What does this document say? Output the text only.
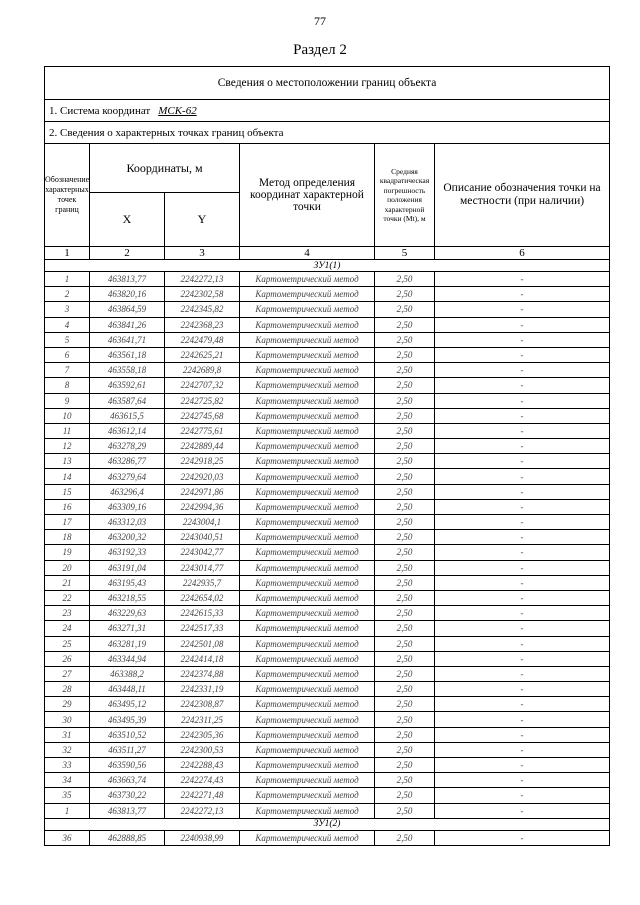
77
Раздел 2
Сведения о местоположении границ объекта					
1. Система координат МСК-62					
2. Сведения о характерных точках границ объекта					
Обозначение характерных точек границ	Координаты, м		Метод определения координат характерной точки	Средняя квадратическая погрешность положения характерной точки (Mt), м	Описание обозначения точки на местности (при наличии)
	X	Y			
1	2	3	4	5	6
ЗУ1(1)					
1	463813,77	2242272,13	Картометрический метод	2,50	-
2	463820,16	2242302,58	Картометрический метод	2,50	-
3	463864,59	2242345,82	Картометрический метод	2,50	-
4	463841,26	2242368,23	Картометрический метод	2,50	-
5	463641,71	2242479,48	Картометрический метод	2,50	-
6	463561,18	2242625,21	Картометрический метод	2,50	-
7	463558,18	2242689,8	Картометрический метод	2,50	-
8	463592,61	2242707,32	Картометрический метод	2,50	-
9	463587,64	2242725,82	Картометрический метод	2,50	-
10	463615,5	2242745,68	Картометрический метод	2,50	-
11	463612,14	2242775,61	Картометрический метод	2,50	-
12	463278,29	2242889,44	Картометрический метод	2,50	-
13	463286,77	2242918,25	Картометрический метод	2,50	-
14	463279,64	2242920,03	Картометрический метод	2,50	-
15	463296,4	2242971,86	Картометрический метод	2,50	-
16	463309,16	2242994,36	Картометрический метод	2,50	-
17	463312,03	2243004,1	Картометрический метод	2,50	-
18	463200,32	2243040,51	Картометрический метод	2,50	-
19	463192,33	2243042,77	Картометрический метод	2,50	-
20	463191,04	2243014,77	Картометрический метод	2,50	-
21	463195,43	2242935,7	Картометрический метод	2,50	-
22	463218,55	2242654,02	Картометрический метод	2,50	-
23	463229,63	2242615,33	Картометрический метод	2,50	-
24	463271,31	2242517,33	Картометрический метод	2,50	-
25	463281,19	2242501,08	Картометрический метод	2,50	-
26	463344,94	2242414,18	Картометрический метод	2,50	-
27	463388,2	2242374,88	Картометрический метод	2,50	-
28	463448,11	2242331,19	Картометрический метод	2,50	-
29	463495,12	2242308,87	Картометрический метод	2,50	-
30	463495,39	2242311,25	Картометрический метод	2,50	-
31	463510,52	2242305,36	Картометрический метод	2,50	-
32	463511,27	2242300,53	Картометрический метод	2,50	-
33	463590,56	2242288,43	Картометрический метод	2,50	-
34	463663,74	2242274,43	Картометрический метод	2,50	-
35	463730,22	2242271,48	Картометрический метод	2,50	-
1	463813,77	2242272,13	Картометрический метод	2,50	-
ЗУ1(2)					
36	462888,85	2240938,99	Картометрический метод	2,50	-
